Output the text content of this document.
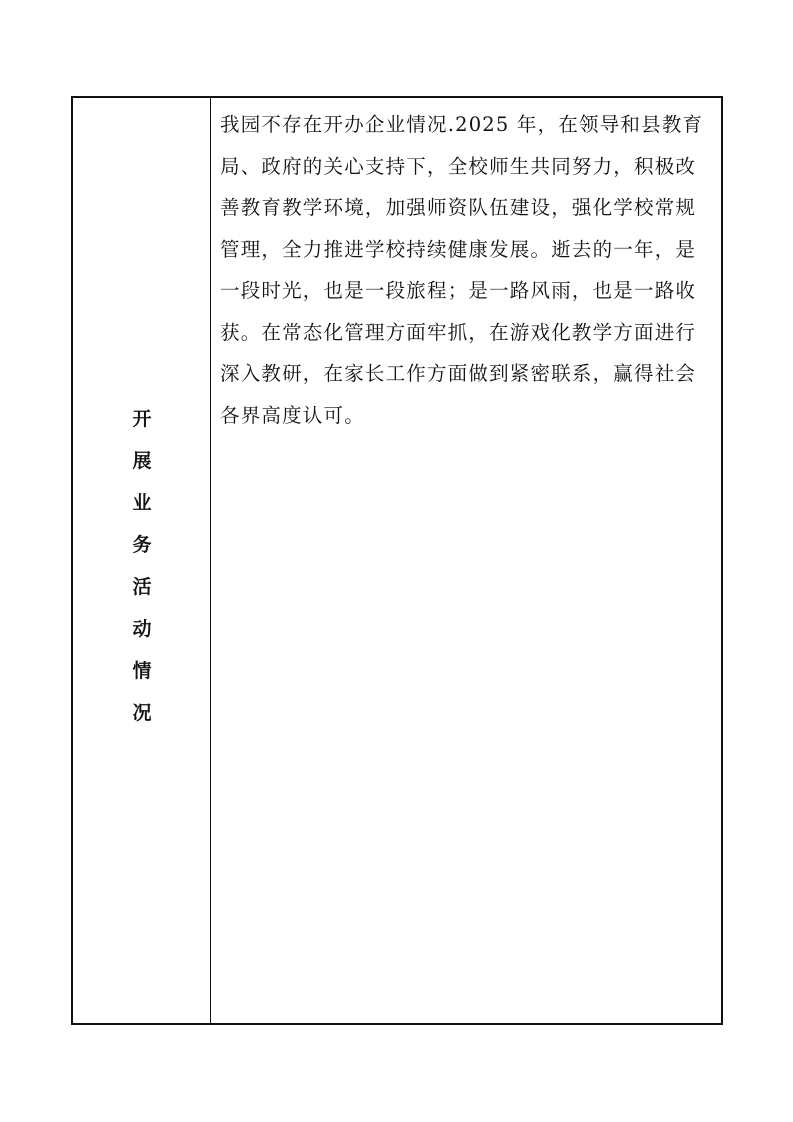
开
展
业
务
活
动
情
况
我园不存在开办企业情况.2025 年，在领导和县教育
局、政府的关心支持下，全校师生共同努力，积极改
善教育教学环境，加强师资队伍建设，强化学校常规
管理，全力推进学校持续健康发展。逝去的一年，是
一段时光，也是一段旅程；是一路风雨，也是一路收
获。在常态化管理方面牢抓，在游戏化教学方面进行
深入教研，在家长工作方面做到紧密联系，赢得社会
各界高度认可。
